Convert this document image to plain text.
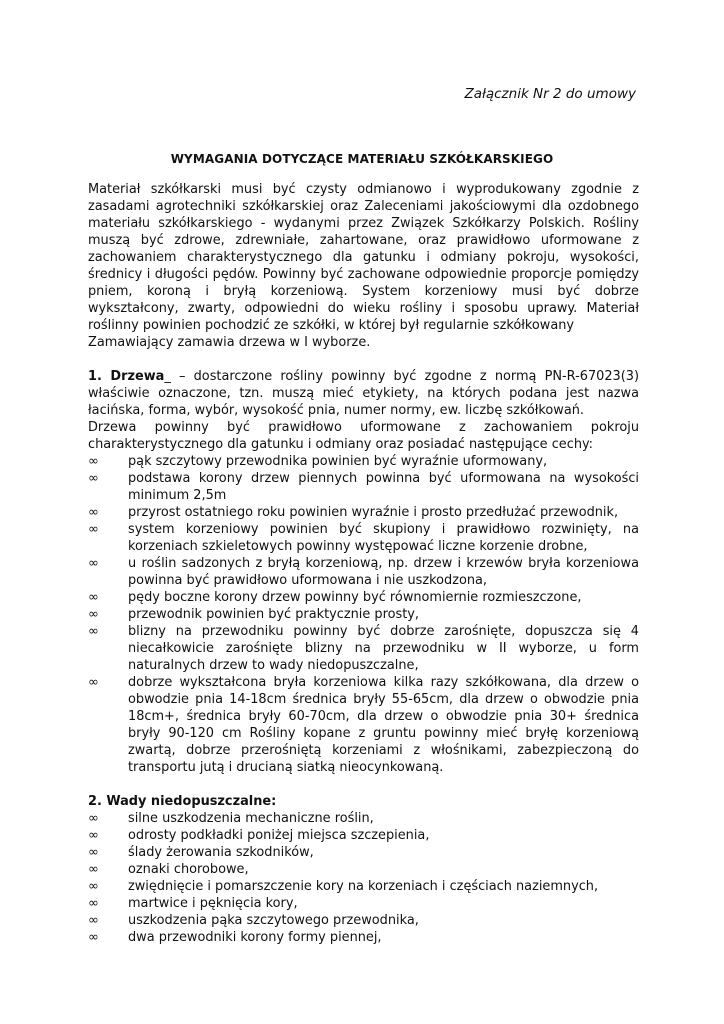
Załącznik Nr 2 do umowy
WYMAGANIA DOTYCZĄCE MATERIAŁU SZKÓŁKARSKIEGO

Materiał szkółkarski musi być czysty odmianowo i wyprodukowany zgodnie z zasadami agrotechniki szkółkarskiej oraz Zaleceniami jakościowymi dla ozdobnego materiału szkółkarskiego - wydanymi przez Związek Szkółkarzy Polskich. Rośliny muszą być zdrowe, zdrewniałe, zahartowane, oraz prawidłowo uformowane z zachowaniem charakterystycznego dla gatunku i odmiany pokroju, wysokości, średnicy i długości pędów. Powinny być zachowane odpowiednie proporcje pomiędzy pniem, koroną i bryłą korzeniową. System korzeniowy musi być dobrze wykształcony, zwarty, odpowiedni do wieku rośliny i sposobu uprawy. Materiał roślinny powinien pochodzić ze szkółki, w której był regularnie szkółkowany

Zamawiający zamawia drzewa w I wyborze.

1. Drzewa_ – dostarczone rośliny powinny być zgodne z normą PN-R-67023(3) właściwie oznaczone, tzn. muszą mieć etykiety, na których podana jest nazwa łacińska, forma, wybór, wysokość pnia, numer normy, ew. liczbę szkółkowań.

Drzewa powinny być prawidłowo uformowane z zachowaniem pokroju charakterystycznego dla gatunku i odmiany oraz posiadać następujące cechy:

∞	pąk szczytowy przewodnika powinien być wyraźnie uformowany,
∞	podstawa korony drzew piennych powinna być uformowana na wysokości minimum 2,5m
∞	przyrost ostatniego roku powinien wyraźnie i prosto przedłużać przewodnik,
∞	system korzeniowy powinien być skupiony i prawidłowo rozwinięty, na korzeniach szkieletowych powinny występować liczne korzenie drobne,
∞	u roślin sadzonych z bryłą korzeniową, np. drzew i krzewów bryła korzeniowa powinna być prawidłowo uformowana i nie uszkodzona,
∞	pędy boczne korony drzew powinny być równomiernie rozmieszczone,
∞	przewodnik powinien być praktycznie prosty,
∞	blizny na przewodniku powinny być dobrze zarośnięte, dopuszcza się 4 niecałkowicie zarośnięte blizny na przewodniku w II wyborze, u form naturalnych drzew to wady niedopuszczalne,
∞	dobrze wykształcona bryła korzeniowa kilka razy szkółkowana, dla drzew o obwodzie pnia 14-18cm średnica bryły 55-65cm, dla drzew o obwodzie pnia 18cm+, średnica bryły 60-70cm, dla drzew o obwodzie pnia 30+ średnica bryły 90-120 cm Rośliny kopane z gruntu powinny mieć bryłę korzeniową zwartą, dobrze przerośniętą korzeniami z włośnikami, zabezpieczoną do transportu jutą i drucianą siatką nieocynkowaną.
2. Wady niedopuszczalne:
∞	silne uszkodzenia mechaniczne roślin,
∞	odrosty podkładki poniżej miejsca szczepienia,
∞	ślady żerowania szkodników,
∞	oznaki chorobowe,
∞	zwiędnięcie i pomarszczenie kory na korzeniach i częściach naziemnych,
∞	martwice i pęknięcia kory,
∞	uszkodzenia pąka szczytowego przewodnika,
∞	dwa przewodniki korony formy piennej,
